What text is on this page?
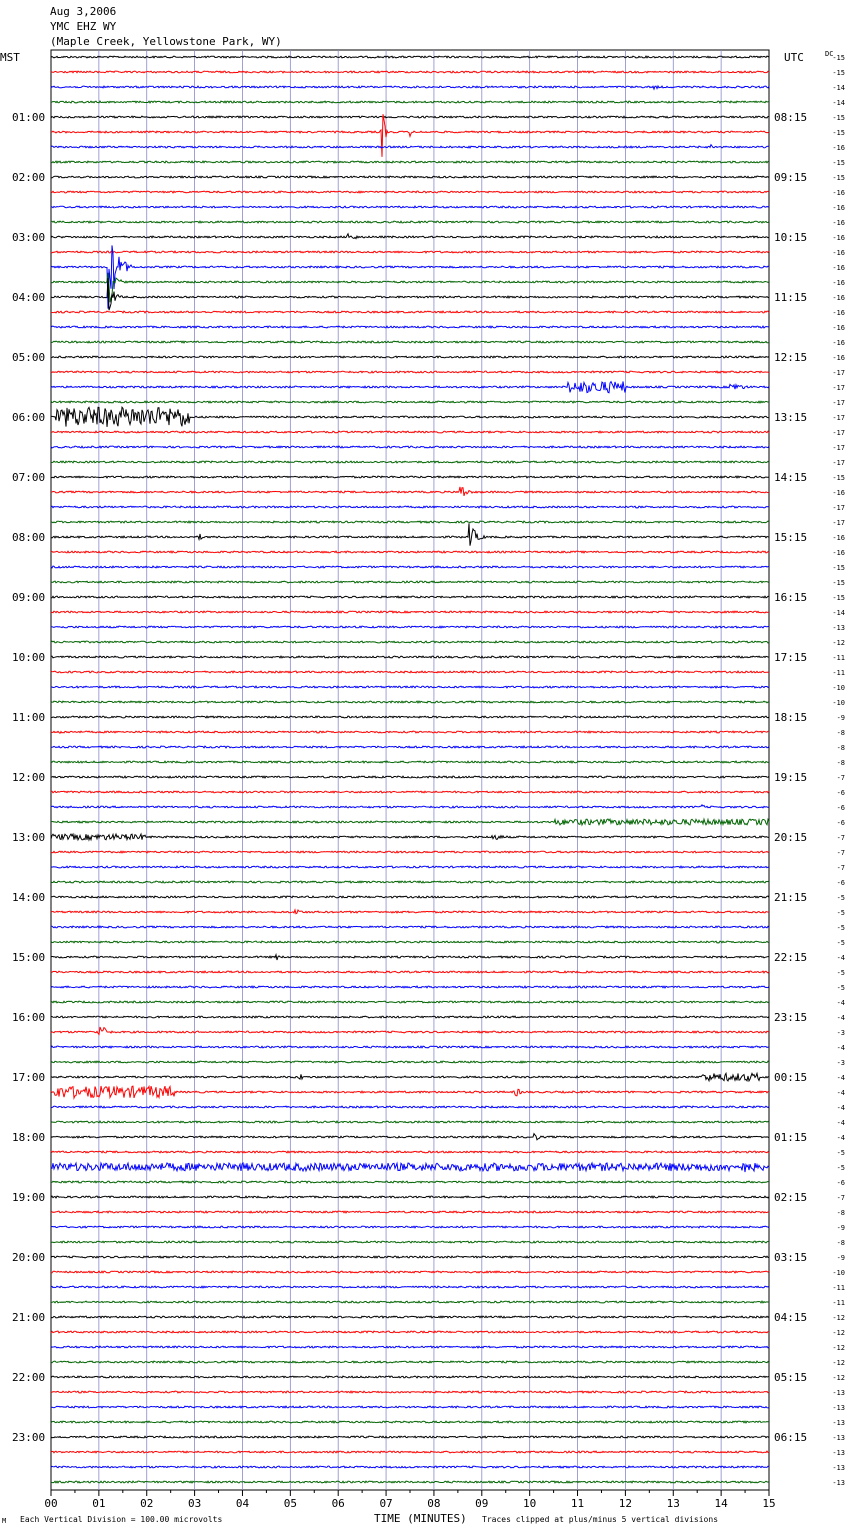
Aug 3,2006
YMC EHZ WY
(Maple Creek, Yellowstone Park, WY)
MST	UTC	DC
01:00
02:00
03:00
04:00
05:00
06:00
07:00
08:00
09:00
10:00
11:00
12:00
13:00
14:00
15:00
16:00
17:00
18:00
19:00
20:00
21:00
22:00
23:00
08:15
09:15
10:15
11:15
12:15
13:15
14:15
15:15
16:15
17:15
18:15
19:15
20:15
21:15
22:15
23:15
00:15
01:15
02:15
03:15
04:15
05:15
06:15
-15
-15
-14
-14
-15
-15
-16
-15
-15
-16
-16
-16
-16
-16
-16
-16
-16
-16
-16
-16
-16
-17
-17
-17
-17
-17
-17
-17
-15
-16
-17
-17
-16
-16
-15
-15
-15
-14
-13
-12
-11
-11
-10
-10
-9
-8
-8
-8
-7
-6
-6
-6
-7
-7
-7
-6
-5
-5
-5
-5
-4
-5
-5
-4
-4
-3
-4
-3
-4
-4
-4
-4
-4
-5
-5
-6
-7
-8
-9
-8
-9
-10
-11
-11
-12
-12
-12
-12
-12
-13
-13
-13
-13
-13
-13
-13
00	01	02	03	04	05	06	07	08	09	10	11	12	13	14	15
M Each Vertical Division = 100.00 microvolts	TIME (MINUTES) Traces clipped at plus/minus 5 vertical divisions
